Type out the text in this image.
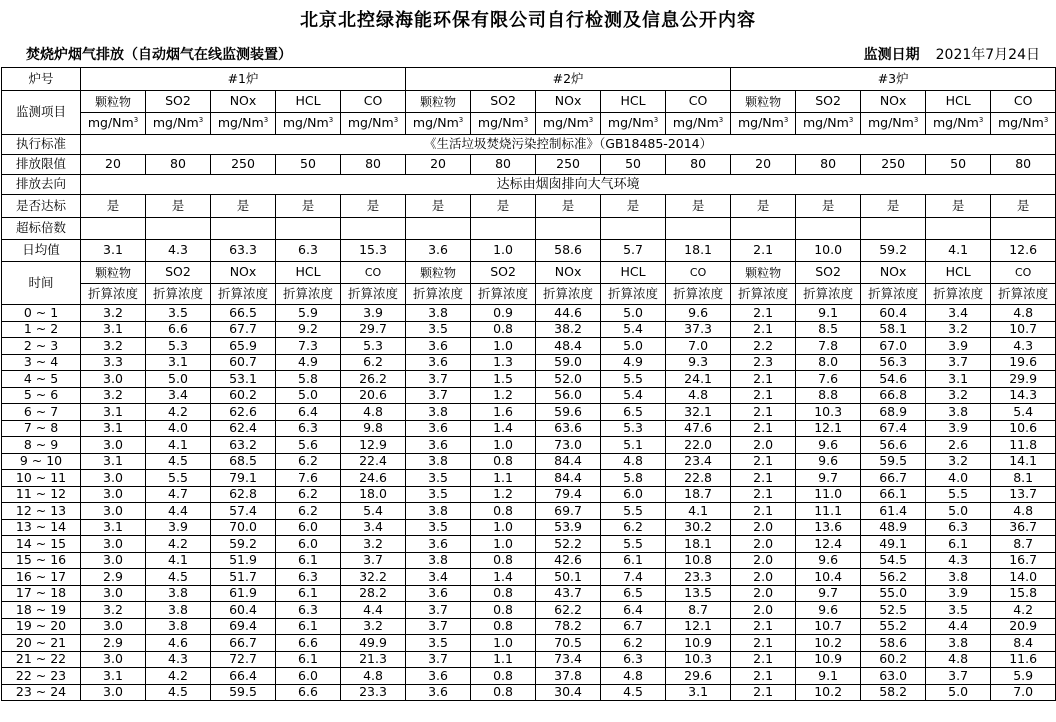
北京北控绿海能环保有限公司自行检测及信息公开内容
焚烧炉烟气排放（自动烟气在线监测装置）	监测日期 2021年7月24日
炉号	#1炉					#2炉					#3炉				
监测项目	颗粒物	SO2	NOx	HCL	CO	颗粒物	SO2	NOx	HCL	CO	颗粒物	SO2	NOx	HCL	CO
	mg/Nm$^3$	mg/Nm$^3$	mg/Nm$^3$	mg/Nm$^3$	mg/Nm$^3$	mg/Nm$^3$	mg/Nm$^3$	mg/Nm$^3$	mg/Nm$^3$	mg/Nm$^3$	mg/Nm$^3$	mg/Nm$^3$	mg/Nm$^3$	mg/Nm$^3$	mg/Nm$^3$
执行标准	《生活垃圾焚烧污染控制标准》（GB18485-2014）														
排放限值	20	80	250	50	80	20	80	250	50	80	20	80	250	50	80
排放去向	达标由烟囱排向大气环境														
是否达标	是	是	是	是	是	是	是	是	是	是	是	是	是	是	是
超标倍数															
日均值	3.1	4.3	63.3	6.3	15.3	3.6	1.0	58.6	5.7	18.1	2.1	10.0	59.2	4.1	12.6
时间	颗粒物	SO2	NOx	HCL	CO	颗粒物	SO2	NOx	HCL	CO	颗粒物	SO2	NOx	HCL	CO
	折算浓度	折算浓度	折算浓度	折算浓度	折算浓度	折算浓度	折算浓度	折算浓度	折算浓度	折算浓度	折算浓度	折算浓度	折算浓度	折算浓度	折算浓度
0 ~ 1	3.2	3.5	66.5	5.9	3.9	3.8	0.9	44.6	5.0	9.6	2.1	9.1	60.4	3.4	4.8
1 ~ 2	3.1	6.6	67.7	9.2	29.7	3.5	0.8	38.2	5.4	37.3	2.1	8.5	58.1	3.2	10.7
2 ~ 3	3.2	5.3	65.9	7.3	5.3	3.6	1.0	48.4	5.0	7.0	2.2	7.8	67.0	3.9	4.3
3 ~ 4	3.3	3.1	60.7	4.9	6.2	3.6	1.3	59.0	4.9	9.3	2.3	8.0	56.3	3.7	19.6
4 ~ 5	3.0	5.0	53.1	5.8	26.2	3.7	1.5	52.0	5.5	24.1	2.1	7.6	54.6	3.1	29.9
5 ~ 6	3.2	3.4	60.2	5.0	20.6	3.7	1.2	56.0	5.4	4.8	2.1	8.8	66.8	3.2	14.3
6 ~ 7	3.1	4.2	62.6	6.4	4.8	3.8	1.6	59.6	6.5	32.1	2.1	10.3	68.9	3.8	5.4
7 ~ 8	3.1	4.0	62.4	6.3	9.8	3.6	1.4	63.6	5.3	47.6	2.1	12.1	67.4	3.9	10.6
8 ~ 9	3.0	4.1	63.2	5.6	12.9	3.6	1.0	73.0	5.1	22.0	2.0	9.6	56.6	2.6	11.8
9 ~ 10	3.1	4.5	68.5	6.2	22.4	3.8	0.8	84.4	4.8	23.4	2.1	9.6	59.5	3.2	14.1
10 ~ 11	3.0	5.5	79.1	7.6	24.6	3.5	1.1	84.4	5.8	22.8	2.1	9.7	66.7	4.0	8.1
11 ~ 12	3.0	4.7	62.8	6.2	18.0	3.5	1.2	79.4	6.0	18.7	2.1	11.0	66.1	5.5	13.7
12 ~ 13	3.0	4.4	57.4	6.2	5.4	3.8	0.8	69.7	5.5	4.1	2.1	11.1	61.4	5.0	4.8
13 ~ 14	3.1	3.9	70.0	6.0	3.4	3.5	1.0	53.9	6.2	30.2	2.0	13.6	48.9	6.3	36.7
14 ~ 15	3.0	4.2	59.2	6.0	3.2	3.6	1.0	52.2	5.5	18.1	2.0	12.4	49.1	6.1	8.7
15 ~ 16	3.0	4.1	51.9	6.1	3.7	3.8	0.8	42.6	6.1	10.8	2.0	9.6	54.5	4.3	16.7
16 ~ 17	2.9	4.5	51.7	6.3	32.2	3.4	1.4	50.1	7.4	23.3	2.0	10.4	56.2	3.8	14.0
17 ~ 18	3.0	3.8	61.9	6.1	28.2	3.6	0.8	43.7	6.5	13.5	2.0	9.7	55.0	3.9	15.8
18 ~ 19	3.2	3.8	60.4	6.3	4.4	3.7	0.8	62.2	6.4	8.7	2.0	9.6	52.5	3.5	4.2
19 ~ 20	3.0	3.8	69.4	6.1	3.2	3.7	0.8	78.2	6.7	12.1	2.1	10.7	55.2	4.4	20.9
20 ~ 21	2.9	4.6	66.7	6.6	49.9	3.5	1.0	70.5	6.2	10.9	2.1	10.2	58.6	3.8	8.4
21 ~ 22	3.0	4.3	72.7	6.1	21.3	3.7	1.1	73.4	6.3	10.3	2.1	10.9	60.2	4.8	11.6
22 ~ 23	3.1	4.2	66.4	6.0	4.8	3.6	0.8	37.8	4.8	29.6	2.1	9.1	63.0	3.7	5.9
23 ~ 24	3.0	4.5	59.5	6.6	23.3	3.6	0.8	30.4	4.5	3.1	2.1	10.2	58.2	5.0	7.0
